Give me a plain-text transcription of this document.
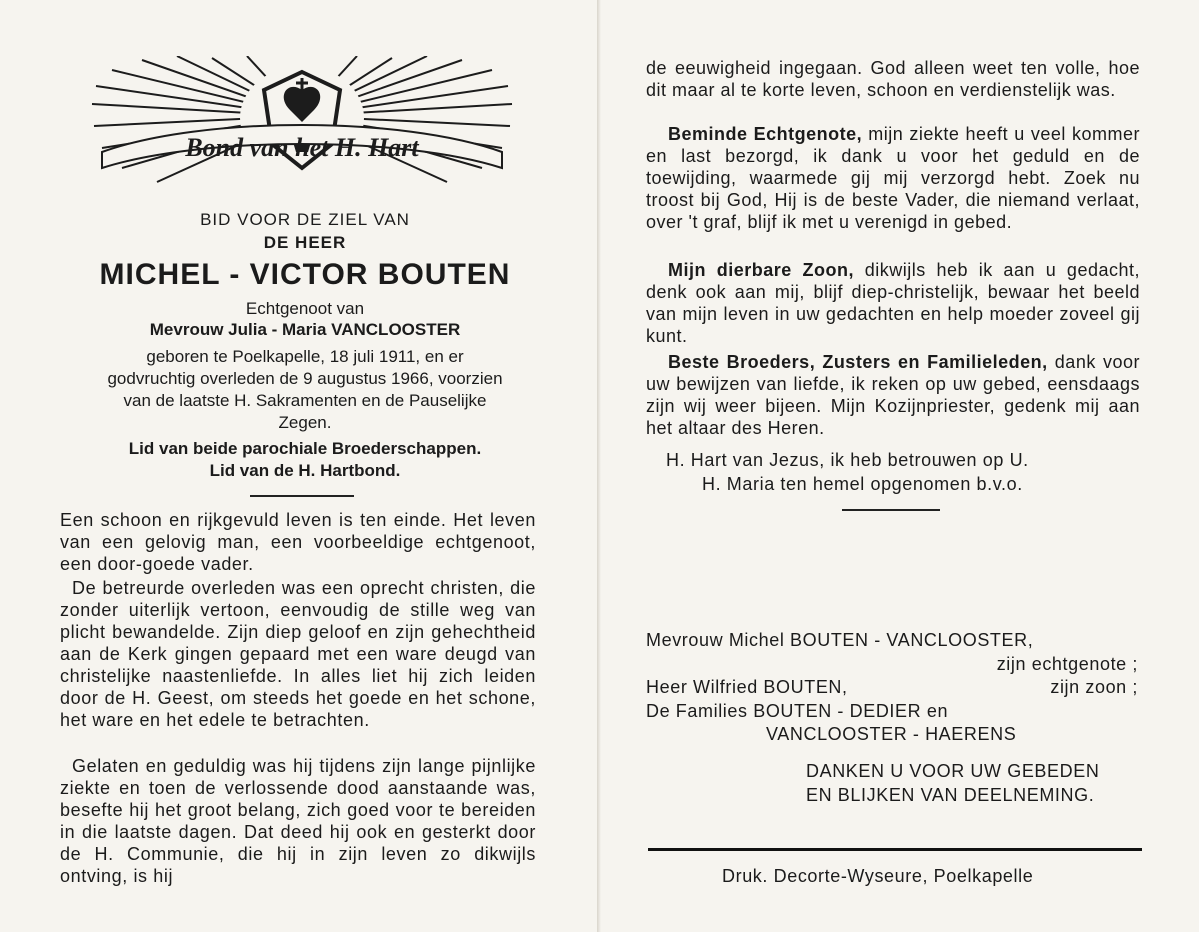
Bond van het H. Hart
BID VOOR DE ZIEL VAN
DE HEER
MICHEL - VICTOR BOUTEN
Echtgenoot van
Mevrouw Julia - Maria VANCLOOSTER
geboren te Poelkapelle, 18 juli 1911, en er godvruchtig overleden de 9 augustus 1966, voorzien van de laatste H. Sakramenten en de Pauselijke Zegen.
Lid van beide parochiale Broederschappen.
Lid van de H. Hartbond.

Een schoon en rijkgevuld leven is ten einde. Het leven van een gelovig man, een voorbeeldige echtgenoot, een door-goede vader.

De betreurde overleden was een oprecht christen, die zonder uiterlijk vertoon, eenvoudig de stille weg van plicht bewandelde. Zijn diep geloof en zijn gehechtheid aan de Kerk gingen gepaard met een ware deugd van christelijke naastenliefde. In alles liet hij zich leiden door de H. Geest, om steeds het goede en het schone, het ware en het edele te betrachten.

Gelaten en geduldig was hij tijdens zijn lange pijnlijke ziekte en toen de verlossende dood aanstaande was, besefte hij het groot belang, zich goed voor te bereiden in die laatste dagen. Dat deed hij ook en gesterkt door de H. Communie, die hij in zijn leven zo dikwijls ontving, is hij

de eeuwigheid ingegaan. God alleen weet ten volle, hoe dit maar al te korte leven, schoon en verdienstelijk was.

Beminde Echtgenote, mijn ziekte heeft u veel kommer en last bezorgd, ik dank u voor het geduld en de toewijding, waarmede gij mij verzorgd hebt. Zoek nu troost bij God, Hij is de beste Vader, die niemand verlaat, over 't graf, blijf ik met u verenigd in gebed.

Mijn dierbare Zoon, dikwijls heb ik aan u gedacht, denk ook aan mij, blijf diep-christelijk, bewaar het beeld van mijn leven in uw gedachten en help moeder zoveel gij kunt.

Beste Broeders, Zusters en Familieleden, dank voor uw bewijzen van liefde, ik reken op uw gebed, eensdaags zijn wij weer bijeen. Mijn Kozijnpriester, gedenk mij aan het altaar des Heren.

H. Hart van Jezus, ik heb betrouwen op U.
H. Maria ten hemel opgenomen b.v.o.
Mevrouw Michel BOUTEN - VANCLOOSTER,
zijn echtgenote ;
Heer Wilfried BOUTEN,	zijn zoon ;
De Families BOUTEN - DEDIER en
VANCLOOSTER - HAERENS
DANKEN U VOOR UW GEBEDEN
EN BLIJKEN VAN DEELNEMING.
Druk. Decorte-Wyseure, Poelkapelle
